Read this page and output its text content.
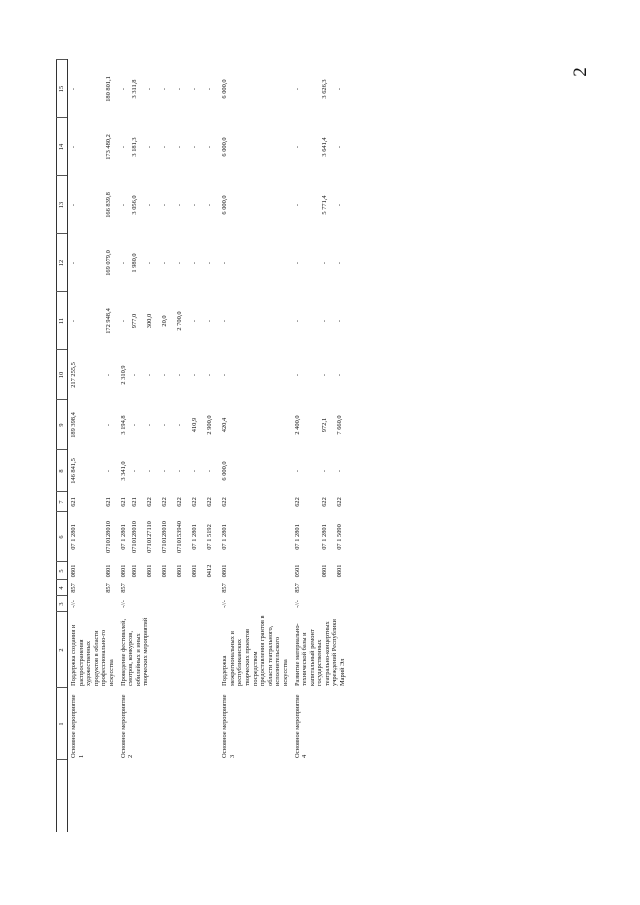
2
	1	2	3	4	5	6	7	8	9	10	11	12	13	14	15
	Основное мероприятие 1	Поддержка создания и распространения художественных продуктов в области профессионально-го искусства	-//-	857	0801	07 1 2801	621	146 841,5	189 398,4	217 255,5	-	-	-	-	-
				857	0801	0710128010	621	-	-	-	172 948,4	169 079,0	166 839,8	173 480,2	180 801,1
	Основное мероприятие 2	Проведение фестивалей, смотров, конкурсов, юбилейных и иных творческих мероприятий	-//-	857	0801	07 1 2801	621	3 341,0	3 194,8	2 310,9	-	-	-	-	-
					0801	0710128010	621	-	-	-	977,0	1 980,0	3 056,0	3 181,3	3 311,8
					0801	0710127110	622	-	-	-	300,0	-	-	-	-
					0801	0710128010	622	-	-	-	20,0	-	-	-	-
					0801	0710153940	622	-	-	-	2 700,0	-	-	-	-
					0801	07 1 2801	622	-	410,9	-	-	-	-	-	-
					0412	07 1 5192	622	-	2 900,0	-	-	-	-	-	-
	Основное мероприятие 3	Поддержка межрегиональных и республиканских творческих проектов посредством предоставления грантов в области театрального, исполнительского искусства	-//-	857	0801	07 1 2801	622	6 000,0	420,4	-	-	-	6 000,0	6 000,0	6 000,0
	Основное мероприятие 4	Развитие материально-технической базы и капитальный ремонт государственных театрально-концертных учреждений Республики Марий Эл	-//-	857	0501	07 1 2801	622	-	2 400,0	-	-	-	-	-	-
					0801	07 1 2801	622	-	972,1	-	-	-	5 771,4	3 641,4	3 626,3
					0801	07 1 5090	622	-	7 660,0	-	-	-	-	-	-
